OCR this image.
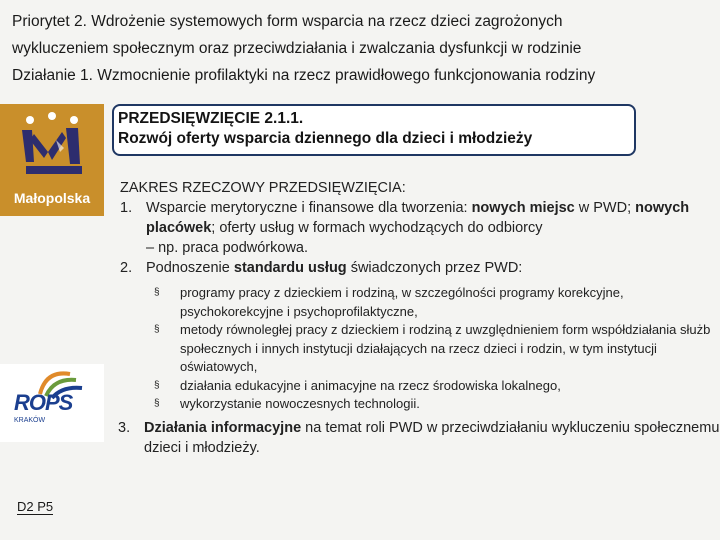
Priorytet 2. Wdrożenie systemowych form wsparcia na rzecz dzieci zagrożonych
wykluczeniem społecznym oraz przeciwdziałania i zwalczania dysfunkcji w rodzinie
Działanie 1. Wzmocnienie profilaktyki na rzecz prawidłowego funkcjonowania rodziny
Małopolska
PRZEDSIĘWZIĘCIE 2.1.1.
Rozwój oferty wsparcia dziennego dla dzieci i młodzieży
ZAKRES RZECZOWY PRZEDSIĘWZIĘCIA:
1. Wsparcie merytoryczne i finansowe dla tworzenia: nowych miejsc w PWD; nowych placówek; oferty usług w formach wychodzących do odbiorcy
– np. praca podwórkowa.
2. Podnoszenie standardu usług świadczonych przez PWD:
§ programy pracy z dzieckiem i rodziną, w szczególności programy korekcyjne, psychokorekcyjne i psychoprofilaktyczne,
§ metody równoległej pracy z dzieckiem i rodziną z uwzględnieniem form współdziałania służb społecznych i innych instytucji działających na rzecz dzieci i rodzin, w tym instytucji oświatowych,
§ działania edukacyjne i animacyjne na rzecz środowiska lokalnego,
§ wykorzystanie nowoczesnych technologii.
ROPS
KRAKÓW	3. Działania informacyjne na temat roli PWD w przeciwdziałaniu wykluczeniu społecznemu dzieci i młodzieży.
D2 P5
